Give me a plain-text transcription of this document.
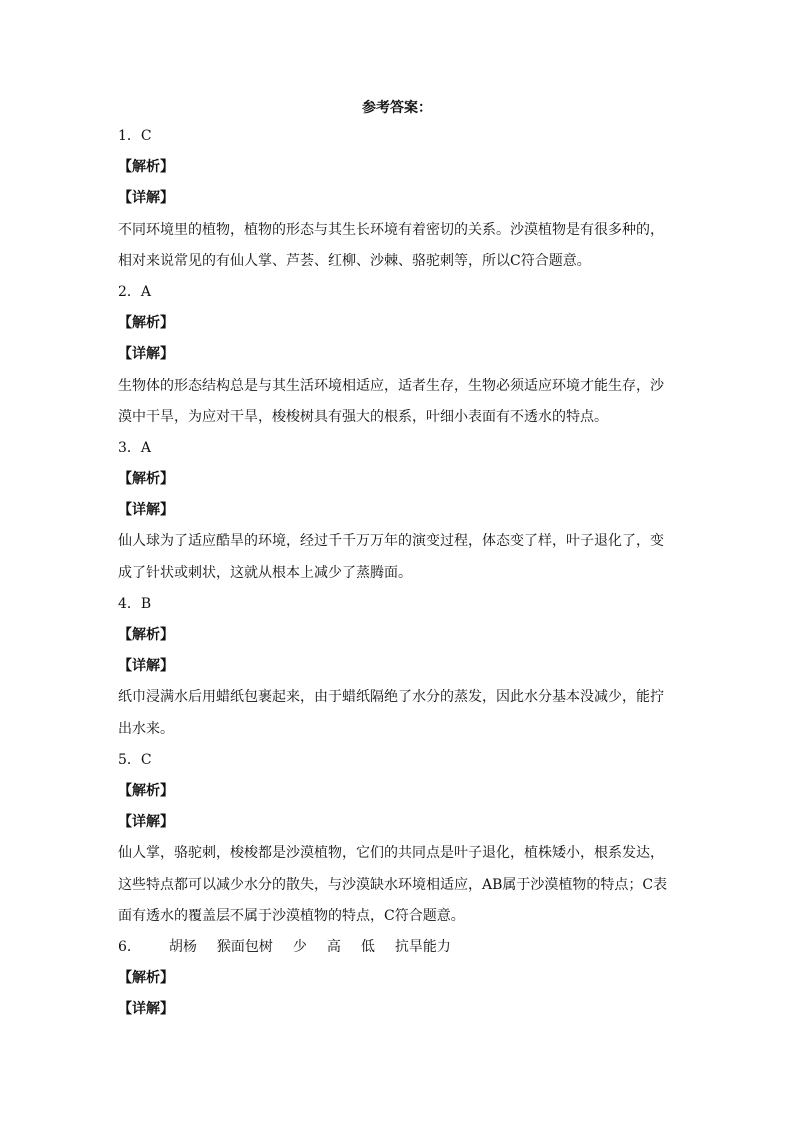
参考答案：
1．C
【解析】
【详解】
不同环境里的植物，植物的形态与其生长环境有着密切的关系。沙漠植物是有很多种的，
相对来说常见的有仙人掌、芦荟、红柳、沙棘、骆驼刺等，所以C符合题意。
2．A
【解析】
【详解】
生物体的形态结构总是与其生活环境相适应，适者生存，生物必须适应环境才能生存，沙
漠中干旱，为应对干旱，梭梭树具有强大的根系，叶细小表面有不透水的特点。
3．A
【解析】
【详解】
仙人球为了适应酷旱的环境，经过千千万万年的演变过程，体态变了样，叶子退化了，变
成了针状或刺状，这就从根本上减少了蒸腾面。
4．B
【解析】
【详解】
纸巾浸满水后用蜡纸包裹起来，由于蜡纸隔绝了水分的蒸发，因此水分基本没减少，能拧
出水来。
5．C
【解析】
【详解】
仙人掌，骆驼刺，梭梭都是沙漠植物，它们的共同点是叶子退化，植株矮小，根系发达，
这些特点都可以减少水分的散失，与沙漠缺水环境相适应，AB属于沙漠植物的特点；C表
面有透水的覆盖层不属于沙漠植物的特点，C符合题意。
6． 胡杨 猴面包树 少 高 低 抗旱能力
【解析】
【详解】
